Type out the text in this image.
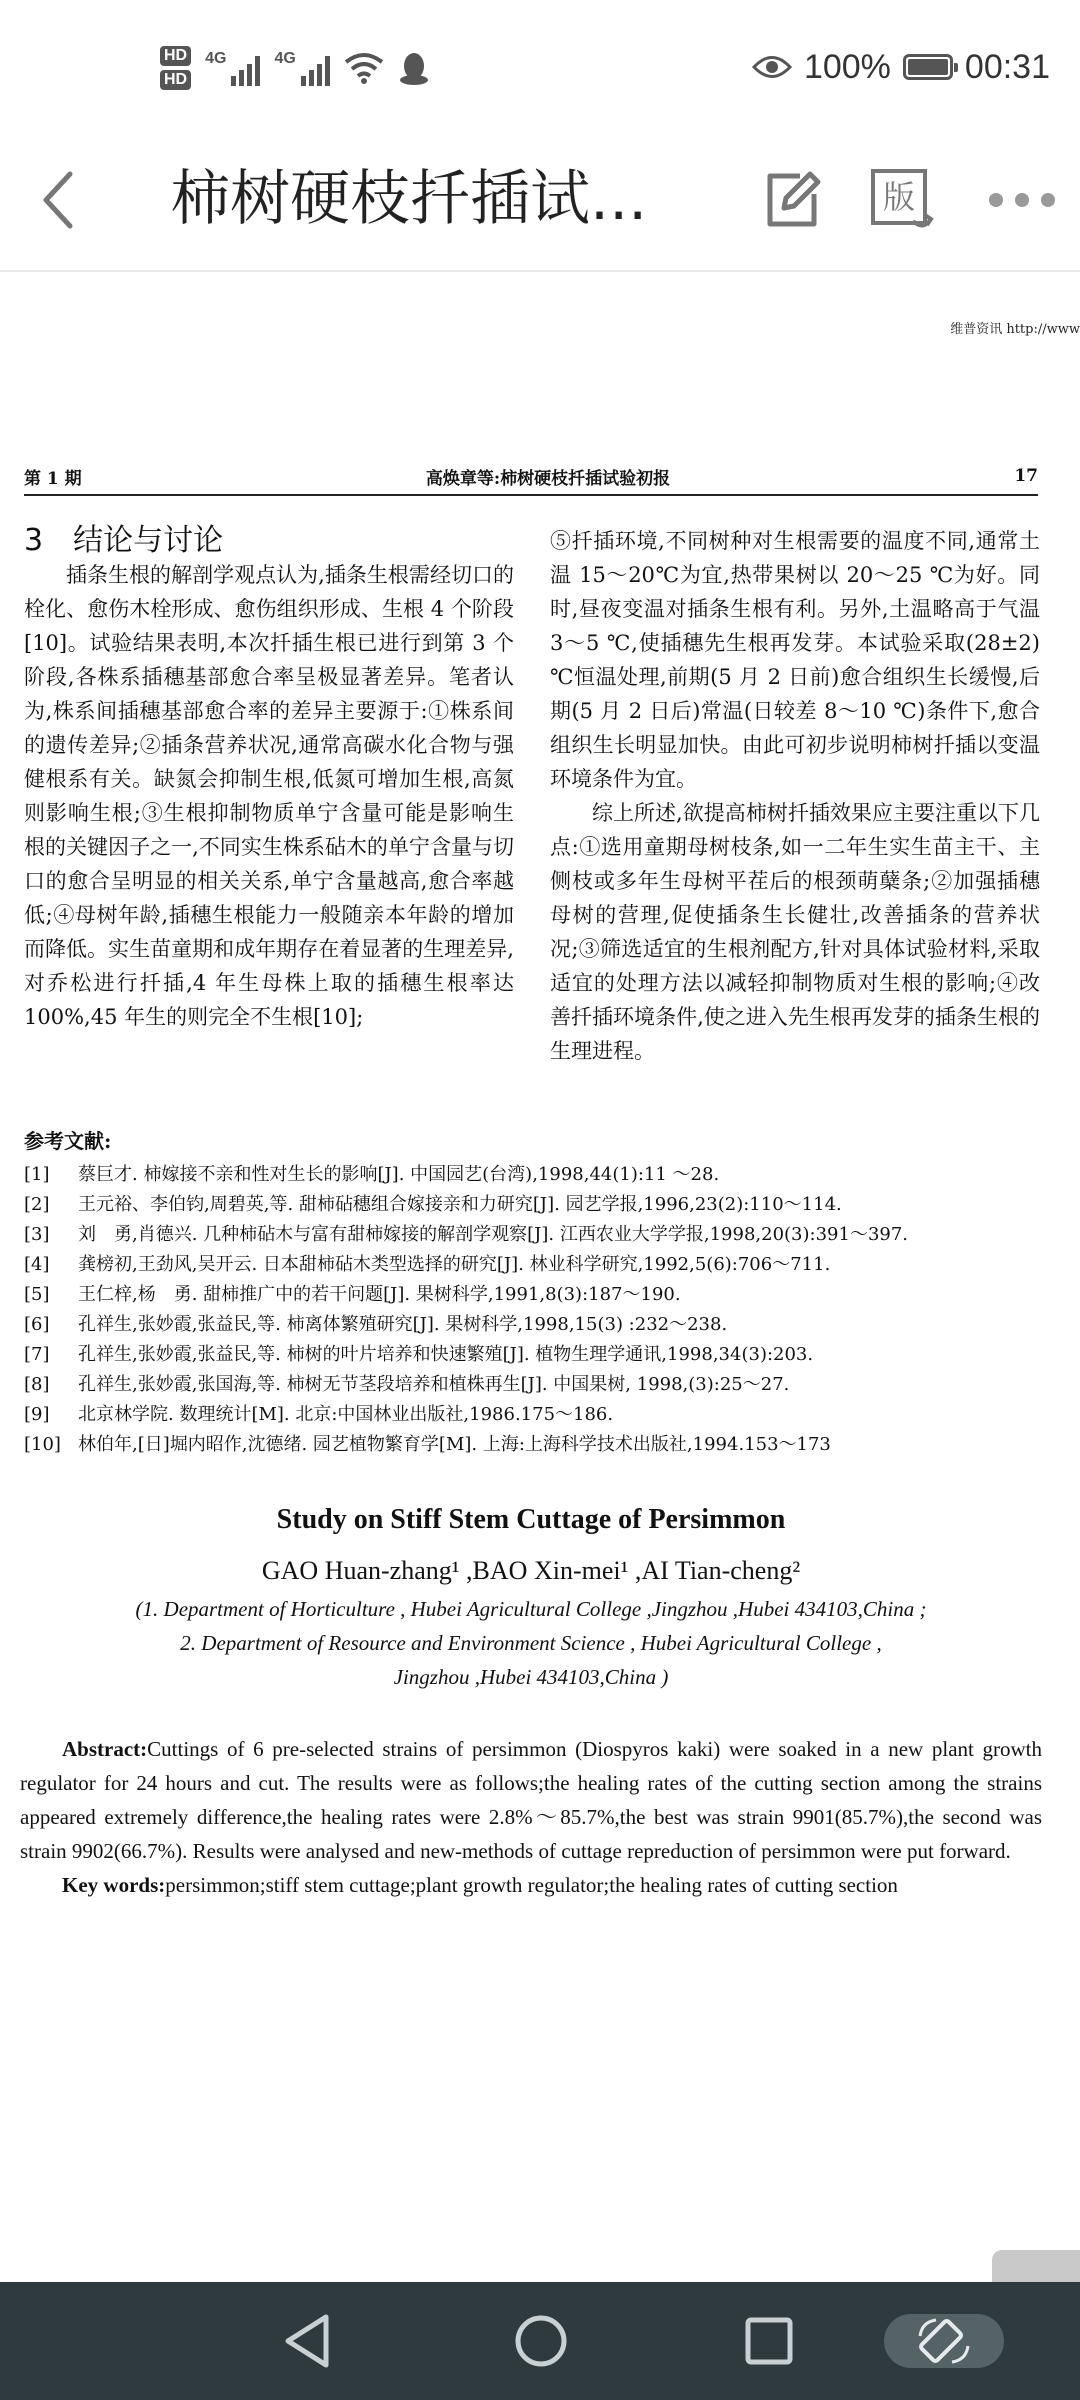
HD
HD
4G	4G	100% 00:31
柿树硬枝扦插试...	版
维普资讯 http://www
第 1 期	高焕章等:柿树硬枝扦插试验初报	17

3　结论与讨论

插条生根的解剖学观点认为,插条生根需经切口的栓化、愈伤木栓形成、愈伤组织形成、生根 4 个阶段[10]。试验结果表明,本次扦插生根已进行到第 3 个阶段,各株系插穗基部愈合率呈极显著差异。笔者认为,株系间插穗基部愈合率的差异主要源于:①株系间的遗传差异;②插条营养状况,通常高碳水化合物与强健根系有关。缺氮会抑制生根,低氮可增加生根,高氮则影响生根;③生根抑制物质单宁含量可能是影响生根的关键因子之一,不同实生株系砧木的单宁含量与切口的愈合呈明显的相关关系,单宁含量越高,愈合率越低;④母树年龄,插穗生根能力一般随亲本年龄的增加而降低。实生苗童期和成年期存在着显著的生理差异,对乔松进行扦插,4 年生母株上取的插穗生根率达 100%,45 年生的则完全不生根[10];

⑤扦插环境,不同树种对生根需要的温度不同,通常土温 15～20℃为宜,热带果树以 20～25 ℃为好。同时,昼夜变温对插条生根有利。另外,土温略高于气温 3～5 ℃,使插穗先生根再发芽。本试验采取(28±2) ℃恒温处理,前期(5 月 2 日前)愈合组织生长缓慢,后期(5 月 2 日后)常温(日较差 8～10 ℃)条件下,愈合组织生长明显加快。由此可初步说明柿树扦插以变温环境条件为宜。

综上所述,欲提高柿树扦插效果应主要注重以下几点:①选用童期母树枝条,如一二年生实生苗主干、主侧枝或多年生母树平茬后的根颈萌蘖条;②加强插穗母树的营理,促使插条生长健壮,改善插条的营养状况;③筛选适宜的生根剂配方,针对具体试验材料,采取适宜的处理方法以减轻抑制物质对生根的影响;④改善扦插环境条件,使之进入先生根再发芽的插条生根的生理进程。

参考文献:
[1] 蔡巨才. 柿嫁接不亲和性对生长的影响[J]. 中国园艺(台湾),1998,44(1):11 ～28.
[2] 王元裕、李伯钧,周碧英,等. 甜柿砧穗组合嫁接亲和力研究[J]. 园艺学报,1996,23(2):110～114.
[3] 刘　勇,肖德兴. 几种柿砧木与富有甜柿嫁接的解剖学观察[J]. 江西农业大学学报,1998,20(3):391～397.
[4] 龚榜初,王劲风,吴开云. 日本甜柿砧木类型选择的研究[J]. 林业科学研究,1992,5(6):706～711.
[5] 王仁梓,杨　勇. 甜柿推广中的若干问题[J]. 果树科学,1991,8(3):187～190.
[6] 孔祥生,张妙霞,张益民,等. 柿离体繁殖研究[J]. 果树科学,1998,15(3) :232～238.
[7] 孔祥生,张妙霞,张益民,等. 柿树的叶片培养和快速繁殖[J]. 植物生理学通讯,1998,34(3):203.
[8] 孔祥生,张妙霞,张国海,等. 柿树无节茎段培养和植株再生[J]. 中国果树, 1998,(3):25～27.
[9] 北京林学院. 数理统计[M]. 北京:中国林业出版社,1986.175～186.
[10] 林伯年,[日]堀内昭作,沈德绪. 园艺植物繁育学[M]. 上海:上海科学技术出版社,1994.153～173
Study on Stiff Stem Cuttage of Persimmon
GAO Huan-zhang¹ ,BAO Xin-mei¹ ,AI Tian-cheng²
(1. Department of Horticulture , Hubei Agricultural College ,Jingzhou ,Hubei 434103,China ;
2. Department of Resource and Environment Science , Hubei Agricultural College ,
Jingzhou ,Hubei 434103,China )

Abstract:Cuttings of 6 pre-selected strains of persimmon (Diospyros kaki) were soaked in a new plant growth regulator for 24 hours and cut. The results were as follows;the healing rates of the cutting section among the strains appeared extremely difference,the healing rates were 2.8%～85.7%,the best was strain 9901(85.7%),the second was strain 9902(66.7%). Results were analysed and new-methods of cuttage repreduction of persimmon were put forward.

Key words:persimmon;stiff stem cuttage;plant growth regulator;the healing rates of cutting section
